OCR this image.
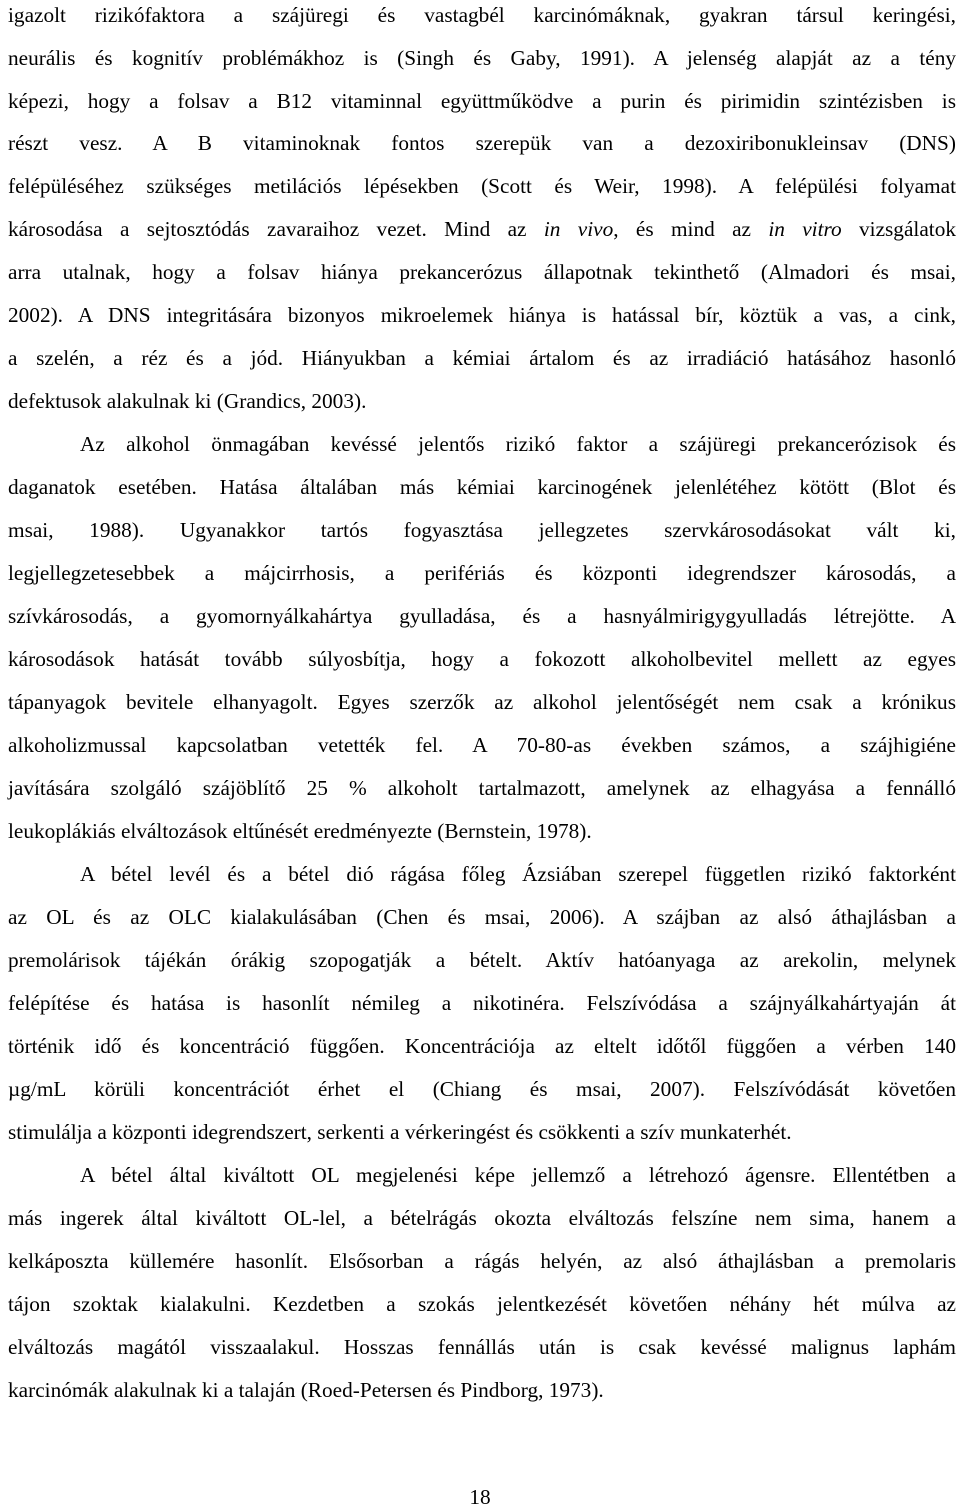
igazolt rizikófaktora a szájüregi és vastagbél karcinómáknak, gyakran társul keringési,
neurális és kognitív problémákhoz is (Singh és Gaby, 1991). A jelenség alapját az a tény
képezi, hogy a folsav a B12 vitaminnal együttműködve a purin és pirimidin szintézisben is
részt vesz. A B vitaminoknak fontos szerepük van a dezoxiribonukleinsav (DNS)
felépüléséhez szükséges metilációs lépésekben (Scott és Weir, 1998). A felépülési folyamat
károsodása a sejtosztódás zavaraihoz vezet. Mind az in vivo, és mind az in vitro vizsgálatok
arra utalnak, hogy a folsav hiánya prekancerózus állapotnak tekinthető (Almadori és msai,
2002). A DNS integritására bizonyos mikroelemek hiánya is hatással bír, köztük a vas, a cink,
a szelén, a réz és a jód. Hiányukban a kémiai ártalom és az irradiáció hatásához hasonló
defektusok alakulnak ki (Grandics, 2003).
Az alkohol önmagában kevéssé jelentős rizikó faktor a szájüregi prekancerózisok és
daganatok esetében. Hatása általában más kémiai karcinogének jelenlétéhez kötött (Blot és
msai, 1988). Ugyanakkor tartós fogyasztása jellegzetes szervkárosodásokat vált ki,
legjellegzetesebbek a májcirrhosis, a perifériás és központi idegrendszer károsodás, a
szívkárosodás, a gyomornyálkahártya gyulladása, és a hasnyálmirigygyulladás létrejötte. A
károsodások hatását tovább súlyosbítja, hogy a fokozott alkoholbevitel mellett az egyes
tápanyagok bevitele elhanyagolt. Egyes szerzők az alkohol jelentőségét nem csak a krónikus
alkoholizmussal kapcsolatban vetették fel. A 70-80-as években számos, a szájhigiéne
javítására szolgáló szájöblítő 25 % alkoholt tartalmazott, amelynek az elhagyása a fennálló
leukoplákiás elváltozások eltűnését eredményezte (Bernstein, 1978).
A bétel levél és a bétel dió rágása főleg Ázsiában szerepel független rizikó faktorként
az OL és az OLC kialakulásában (Chen és msai, 2006). A szájban az alsó áthajlásban a
premolárisok tájékán órákig szopogatják a bételt. Aktív hatóanyaga az arekolin, melynek
felépítése és hatása is hasonlít némileg a nikotinéra. Felszívódása a szájnyálkahártyaján át
történik idő és koncentráció függően. Koncentrációja az eltelt időtől függően a vérben 140
µg/mL körüli koncentrációt érhet el (Chiang és msai, 2007). Felszívódását követően
stimulálja a központi idegrendszert, serkenti a vérkeringést és csökkenti a szív munkaterhét.
A bétel által kiváltott OL megjelenési képe jellemző a létrehozó ágensre. Ellentétben a
más ingerek által kiváltott OL-lel, a bételrágás okozta elváltozás felszíne nem sima, hanem a
kelkáposzta küllemére hasonlít. Elsősorban a rágás helyén, az alsó áthajlásban a premolaris
tájon szoktak kialakulni. Kezdetben a szokás jelentkezését követően néhány hét múlva az
elváltozás magától visszaalakul. Hosszas fennállás után is csak kevéssé malignus laphám
karcinómák alakulnak ki a talaján (Roed-Petersen és Pindborg, 1973).
18
